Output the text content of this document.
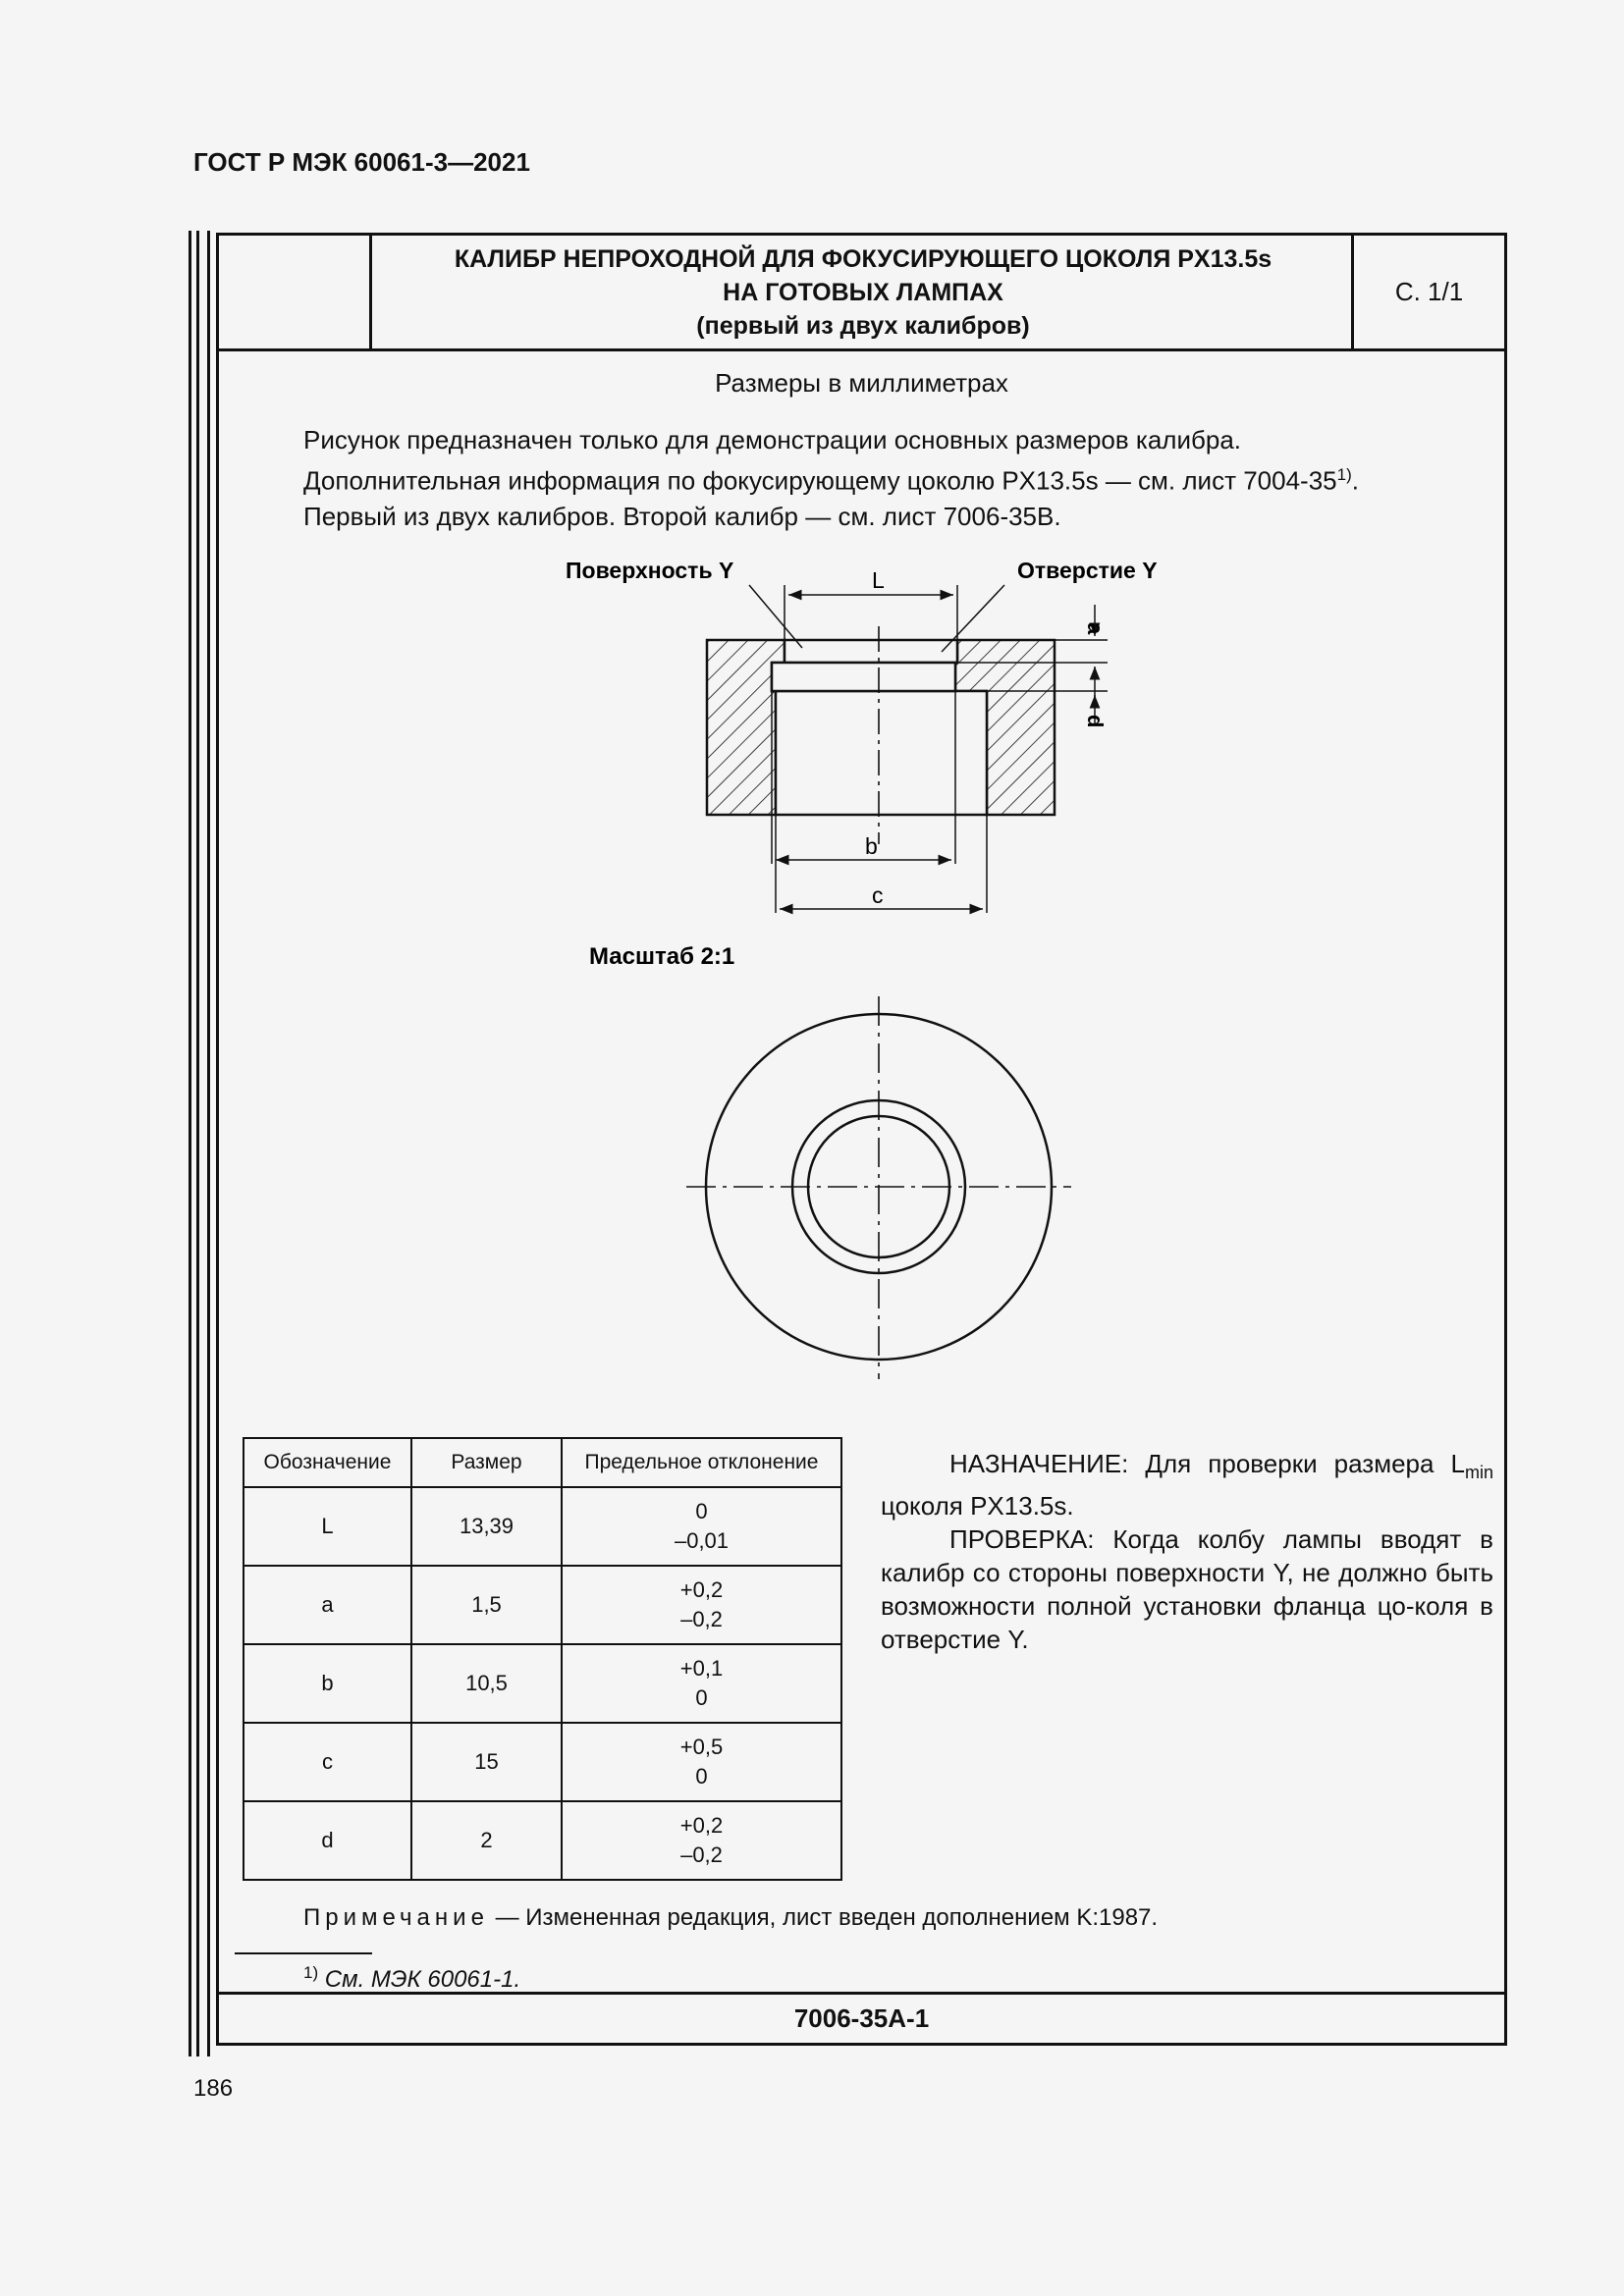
ГОСТ Р МЭК 60061-3—2021
КАЛИБР НЕПРОХОДНОЙ ДЛЯ ФОКУСИРУЮЩЕГО ЦОКОЛЯ PX13.5s
НА ГОТОВЫХ ЛАМПАХ
(первый из двух калибров)
С. 1/1
Размеры в миллиметрах
Рисунок предназначен только для демонстрации основных размеров калибра.
Дополнительная информация по фокусирующему цоколю PX13.5s — см. лист 7004-35$^{1)}$.
Первый из двух калибров. Второй калибр — см. лист 7006-35B.
Поверхность Y	Отверстие Y
L
b
c
a
d
Масштаб 2:1
Обозначение	Размер	Предельное отклонение
L	13,39	0
–0,01

a	1,5	+0,2
–0,2

b	10,5	+0,1
0

c	15	+0,5
0

d	2	+0,2
–0,2

НАЗНАЧЕНИЕ: Для проверки размера $L_{min}$ цоколя PX13.5s.

ПРОВЕРКА: Когда колбу лампы вводят в калибр со стороны поверхности Y, не должно быть возможности полной установки фланца цо-коля в отверстие Y.

Примечание — Измененная редакция, лист введен дополнением K:1987.
$^{1)}$ См. МЭК 60061-1.
7006-35A-1
186
